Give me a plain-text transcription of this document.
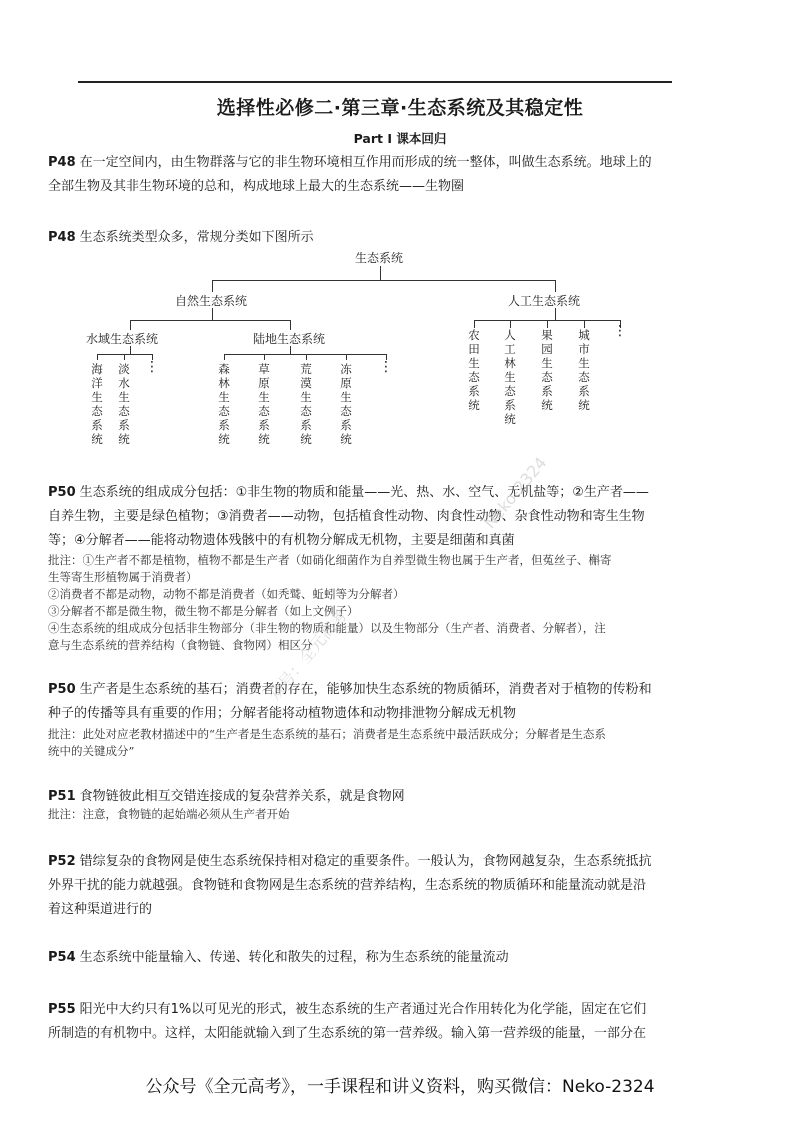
选择性必修二·第三章·生态系统及其稳定性
Part I 课本回归
P48 在一定空间内，由生物群落与它的非生物环境相互作用而形成的统一整体，叫做生态系统。地球上的
全部生物及其非生物环境的总和，构成地球上最大的生态系统——生物圈
P48 生态系统类型众多，常规分类如下图所示
生态系统
自然生态系统	人工生态系统
水域生态系统	陆地生态系统
海洋生态系统
淡水生态系统
⋮	森林生态系统
草原生态系统
荒漠生态系统
冻原生态系统
⋮
农田生态系统
人工林生态系统
果园生态系统
城市生态系统
⋮
P50 生态系统的组成成分包括：①非生物的物质和能量——光、热、水、空气、无机盐等；②生产者——
自养生物，主要是绿色植物；③消费者——动物，包括植食性动物、肉食性动物、杂食性动物和寄生生物
等；④分解者——能将动物遗体残骸中的有机物分解成无机物，主要是细菌和真菌
批注：①生产者不都是植物，植物不都是生产者（如硝化细菌作为自养型微生物也属于生产者，但菟丝子、槲寄
生等寄生形植物属于消费者）
②消费者不都是动物，动物不都是消费者（如秃鹫、蚯蚓等为分解者）
③分解者不都是微生物，微生物不都是分解者（如上文例子）
④生态系统的组成成分包括非生物部分（非生物的物质和能量）以及生物部分（生产者、消费者、分解者），注
意与生态系统的营养结构（食物链、食物网）相区分
P50 生产者是生态系统的基石；消费者的存在，能够加快生态系统的物质循环，消费者对于植物的传粉和
种子的传播等具有重要的作用；分解者能将动植物遗体和动物排泄物分解成无机物
批注：此处对应老教材描述中的“生产者是生态系统的基石；消费者是生态系统中最活跃成分；分解者是生态系
统中的关键成分”
P51 食物链彼此相互交错连接成的复杂营养关系，就是食物网
批注：注意，食物链的起始端必须从生产者开始
P52 错综复杂的食物网是使生态系统保持相对稳定的重要条件。一般认为，食物网越复杂，生态系统抵抗
外界干扰的能力就越强。食物链和食物网是生态系统的营养结构，生态系统的物质循环和能量流动就是沿
着这种渠道进行的
P54 生态系统中能量输入、传递、转化和散失的过程，称为生态系统的能量流动
P55 阳光中大约只有1%以可见光的形式，被生态系统的生产者通过光合作用转化为化学能，固定在它们
所制造的有机物中。这样，太阳能就输入到了生态系统的第一营养级。输入第一营养级的能量，一部分在
众号：全元高考
Neko-2324
公众号《全元高考》，一手课程和讲义资料，购买微信：Neko-2324
